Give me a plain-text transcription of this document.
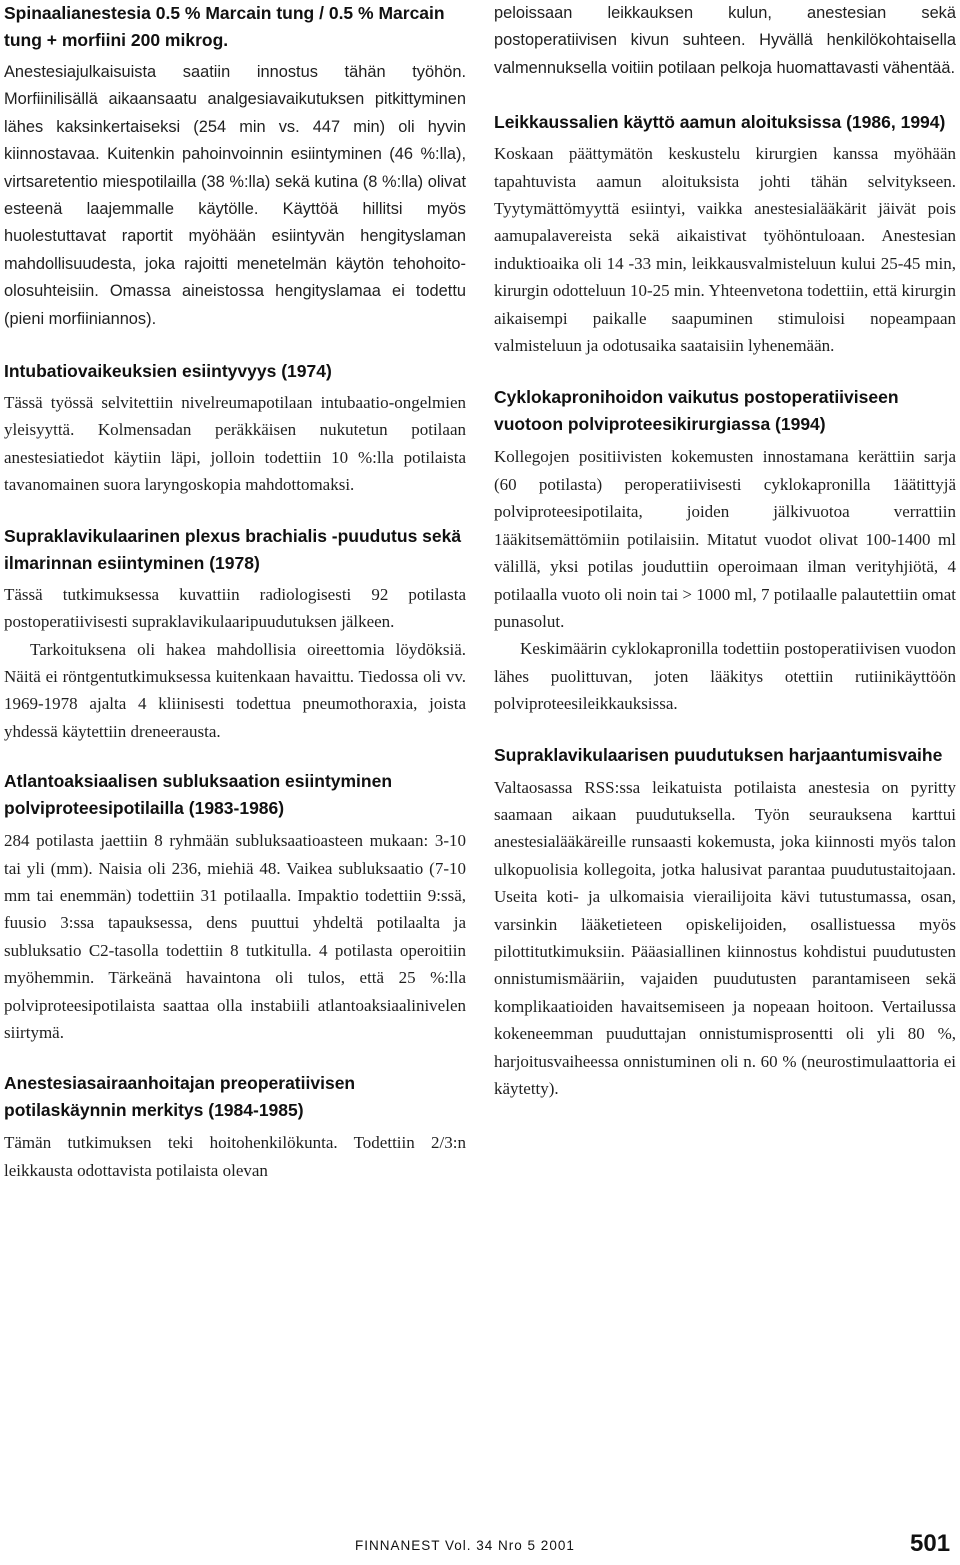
Spinaalianestesia 0.5 % Marcain tung / 0.5 % Marcain tung + morfiini 200 mikrog.

Anestesiajulkaisuista saatiin innostus tähän työhön. Morfiinilisällä aikaansaatu analgesiavaikutuksen pitkittyminen lähes kaksinkertaiseksi (254 min vs. 447 min) oli hyvin kiinnostavaa. Kuitenkin pahoinvoinnin esiintyminen (46 %:lla), virtsaretentio miespotilailla (38 %:lla) sekä kutina (8 %:lla) olivat esteenä laajemmalle käytölle. Käyttöä hillitsi myös huolestuttavat raportit myöhään esiintyvän hengityslaman mahdollisuudesta, joka rajoitti menetelmän käytön tehohoito-olosuhteisiin. Omassa aineistossa hengityslamaa ei todettu (pieni morfiiniannos).

Intubatiovaikeuksien esiintyvyys (1974)

Tässä työssä selvitettiin nivelreumapotilaan intubaatio-ongelmien yleisyyttä. Kolmensadan peräkkäisen nukutetun potilaan anestesiatiedot käytiin läpi, jolloin todettiin 10 %:lla potilaista tavanomainen suora laryngoskopia mahdottomaksi.

Supraklavikulaarinen plexus brachialis -puudutus sekä ilmarinnan esiintyminen (1978)

Tässä tutkimuksessa kuvattiin radiologisesti 92 potilasta postoperatiivisesti supraklavikulaaripuudutuksen jälkeen.

Tarkoituksena oli hakea mahdollisia oireettomia löydöksiä. Näitä ei röntgentutkimuksessa kuitenkaan havaittu. Tiedossa oli vv. 1969-1978 ajalta 4 kliinisesti todettua pneumothoraxia, joista yhdessä käytettiin dreneerausta.

Atlantoaksiaalisen subluksaation esiintyminen polviproteesipotilailla (1983-1986)

284 potilasta jaettiin 8 ryhmään subluksaatioasteen mukaan: 3-10 tai yli (mm). Naisia oli 236, miehiä 48. Vaikea subluksaatio (7-10 mm tai enemmän) todettiin 31 potilaalla. Impaktio todettiin 9:ssä, fuusio 3:ssa tapauksessa, dens puuttui yhdeltä potilaalta ja subluksatio C2-tasolla todettiin 8 tutkitulla. 4 potilasta operoitiin myöhemmin. Tärkeänä havaintona oli tulos, että 25 %:lla polviproteesipotilaista saattaa olla instabiili atlantoaksiaalinivelen siirtymä.

Anestesiasairaanhoitajan preoperatiivisen potilaskäynnin merkitys (1984-1985)

Tämän tutkimuksen teki hoitohenkilökunta. Todettiin 2/3:n leikkausta odottavista potilaista olevan

peloissaan leikkauksen kulun, anestesian sekä postoperatiivisen kivun suhteen. Hyvällä henkilökohtaisella valmennuksella voitiin potilaan pelkoja huomattavasti vähentää.

Leikkaussalien käyttö aamun aloituksissa (1986, 1994)

Koskaan päättymätön keskustelu kirurgien kanssa myöhään tapahtuvista aamun aloituksista johti tähän selvitykseen. Tyytymättömyyttä esiintyi, vaikka anestesialääkärit jäivät pois aamupalavereista sekä aikaistivat työhöntuloaan. Anestesian induktioaika oli 14 -33 min, leikkausvalmisteluun kului 25-45 min, kirurgin odotteluun 10-25 min. Yhteenvetona todettiin, että kirurgin aikaisempi paikalle saapuminen stimuloisi nopeampaan valmisteluun ja odotusaika saataisiin lyhenemään.

Cyklokapronihoidon vaikutus postoperatiiviseen vuotoon polviproteesikirurgiassa (1994)

Kollegojen positiivisten kokemusten innostamana kerättiin sarja (60 potilasta) peroperatiivisesti cyklokapronilla 1äätittyjä polviproteesipotilaita, joiden jälkivuotoa verrattiin 1ääkitsemättömiin potilaisiin. Mitatut vuodot olivat 100-1400 ml välillä, yksi potilas jouduttiin operoimaan ilman verityhjiötä, 4 potilaalla vuoto oli noin tai > 1000 ml, 7 potilaalle palautettiin omat punasolut.

Keskimäärin cyklokapronilla todettiin postoperatiivisen vuodon lähes puolittuvan, joten lääkitys otettiin rutiinikäyttöön polviproteesileikkauksissa.

Supraklavikulaarisen puudutuksen harjaantumisvaihe

Valtaosassa RSS:ssa leikatuista potilaista anestesia on pyritty saamaan aikaan puudutuksella. Työn seurauksena karttui anestesialääkäreille runsaasti kokemusta, joka kiinnosti myös talon ulkopuolisia kollegoita, jotka halusivat parantaa puudutustaitojaan. Useita koti- ja ulkomaisia vierailijoita kävi tutustumassa, osan, varsinkin lääketieteen opiskelijoiden, osallistuessa myös pilottitutkimuksiin. Pääasiallinen kiinnostus kohdistui puudutusten onnistumismääriin, vajaiden puudutusten parantamiseen sekä komplikaatioiden havaitsemiseen ja nopeaan hoitoon. Vertailussa kokeneemman puuduttajan onnistumisprosentti oli yli 80 %, harjoitusvaiheessa onnistuminen oli n. 60 % (neurostimulaattoria ei käytetty).

FINNANEST Vol. 34 Nro 5 2001	501
